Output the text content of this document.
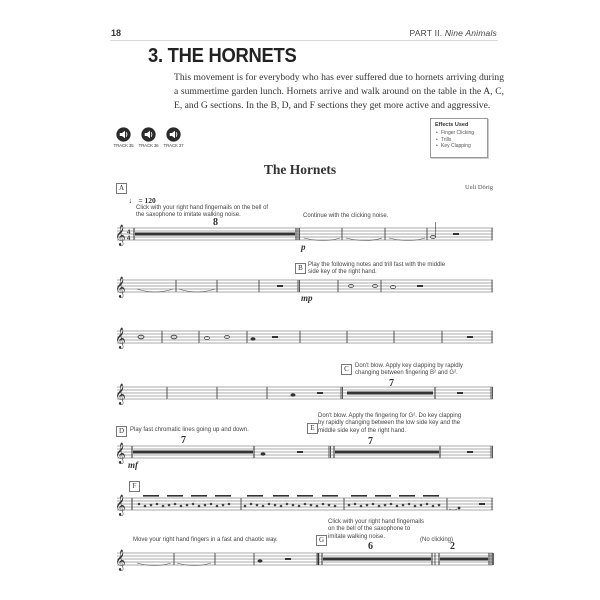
18	PART II. Nine Animals
3. THE HORNETS
This movement is for everybody who has ever suffered due to hornets arriving during a summertime garden lunch. Hornets arrive and walk around on the table in the A, C, E, and G sections. In the B, D, and F sections they get more active and aggressive.
TRACK 35 TRACK 36 TRACK 37
Effects Used
• Finger Clicking
• Trills
• Key Clapping
The Hornets
Ueli Dörig
A
♩ = 120
Click with your right hand fingernails on the bell of the saxophone to imitate walking noise.	Continue with the clicking noise.
8
p
𝄞 4
4
B Play the following notes and trill fast with the middle side key of the right hand.
mp
𝄞
𝄞
C	Don't blow. Apply key clapping by rapidly changing between fingering B² and G².
7
𝄞
D Play fast chromatic lines going up and down.	E
Don't blow. Apply the fingering for G². Do key clapping by rapidly changing between the low side key and the middle side key of the right hand.
7	7
mf
𝄞
F
𝄞
Move your right hand fingers in a fast and chaotic way.	G
Click with your right hand fingernails on the bell of the saxophone to imitate walking noise.
(No clicking)
6	2
𝄞
